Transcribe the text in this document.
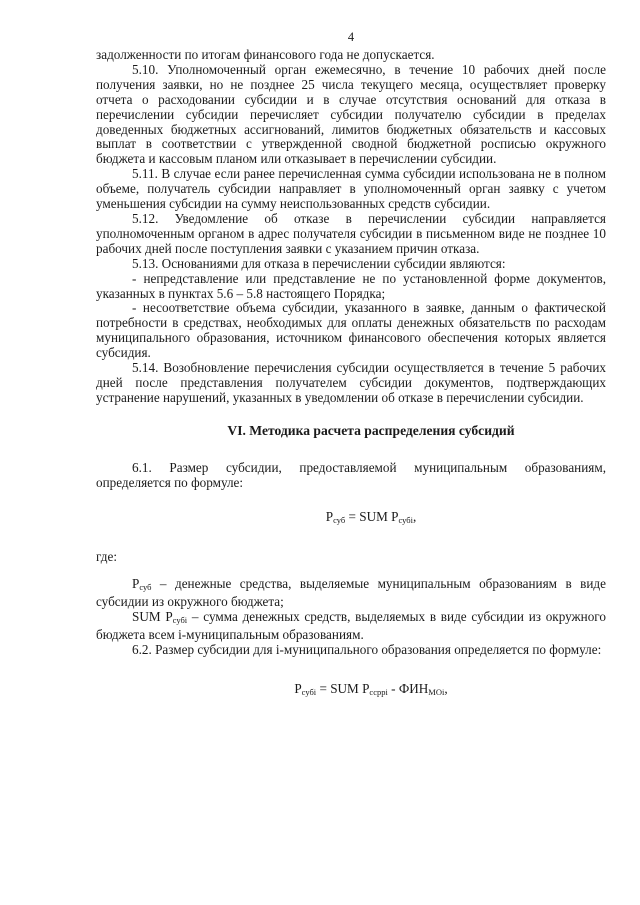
4

задолженности по итогам финансового года не допускается.

5.10. Уполномоченный орган ежемесячно, в течение 10 рабочих дней после получения заявки, но не позднее 25 числа текущего месяца, осуществляет проверку отчета о расходовании субсидии и в случае отсутствия оснований для отказа в перечислении субсидии перечисляет субсидии получателю субсидии в пределах доведенных бюджетных ассигнований, лимитов бюджетных обязательств и кассовых выплат в соответствии с утвержденной сводной бюджетной росписью окружного бюджета и кассовым планом или отказывает в перечислении субсидии.

5.11. В случае если ранее перечисленная сумма субсидии использована не в полном объеме, получатель субсидии направляет в уполномоченный орган заявку с учетом уменьшения субсидии на сумму неиспользованных средств субсидии.

5.12. Уведомление об отказе в перечислении субсидии направляется уполномоченным органом в адрес получателя субсидии в письменном виде не позднее 10 рабочих дней после поступления заявки с указанием причин отказа.

5.13. Основаниями для отказа в перечислении субсидии являются:

- непредставление или представление не по установленной форме документов, указанных в пунктах 5.6 – 5.8 настоящего Порядка;

- несоответствие объема субсидии, указанного в заявке, данным о фактической потребности в средствах, необходимых для оплаты денежных обязательств по расходам муниципального образования, источником финансового обеспечения которых является субсидия.

5.14. Возобновление перечисления субсидии осуществляется в течение 5 рабочих дней после представления получателем субсидии документов, подтверждающих устранение нарушений, указанных в уведомлении об отказе в перечислении субсидии.

VI. Методика расчета распределения субсидий

6.1. Размер субсидии, предоставляемой муниципальным образованиям, определяется по формуле:

$P_{суб}$ = SUM $P_{субi}$,

где:

$P_{суб}$ – денежные средства, выделяемые муниципальным образованиям в виде субсидии из окружного бюджета;

SUM $P_{субi}$ – сумма денежных средств, выделяемых в виде субсидии из окружного бюджета всем i-муниципальным образованиям.

6.2. Размер субсидии для i-муниципального образования определяется по формуле:

$P_{субi}$ = SUM $P_{ссрpi} - ФИН_{МОi}$,
